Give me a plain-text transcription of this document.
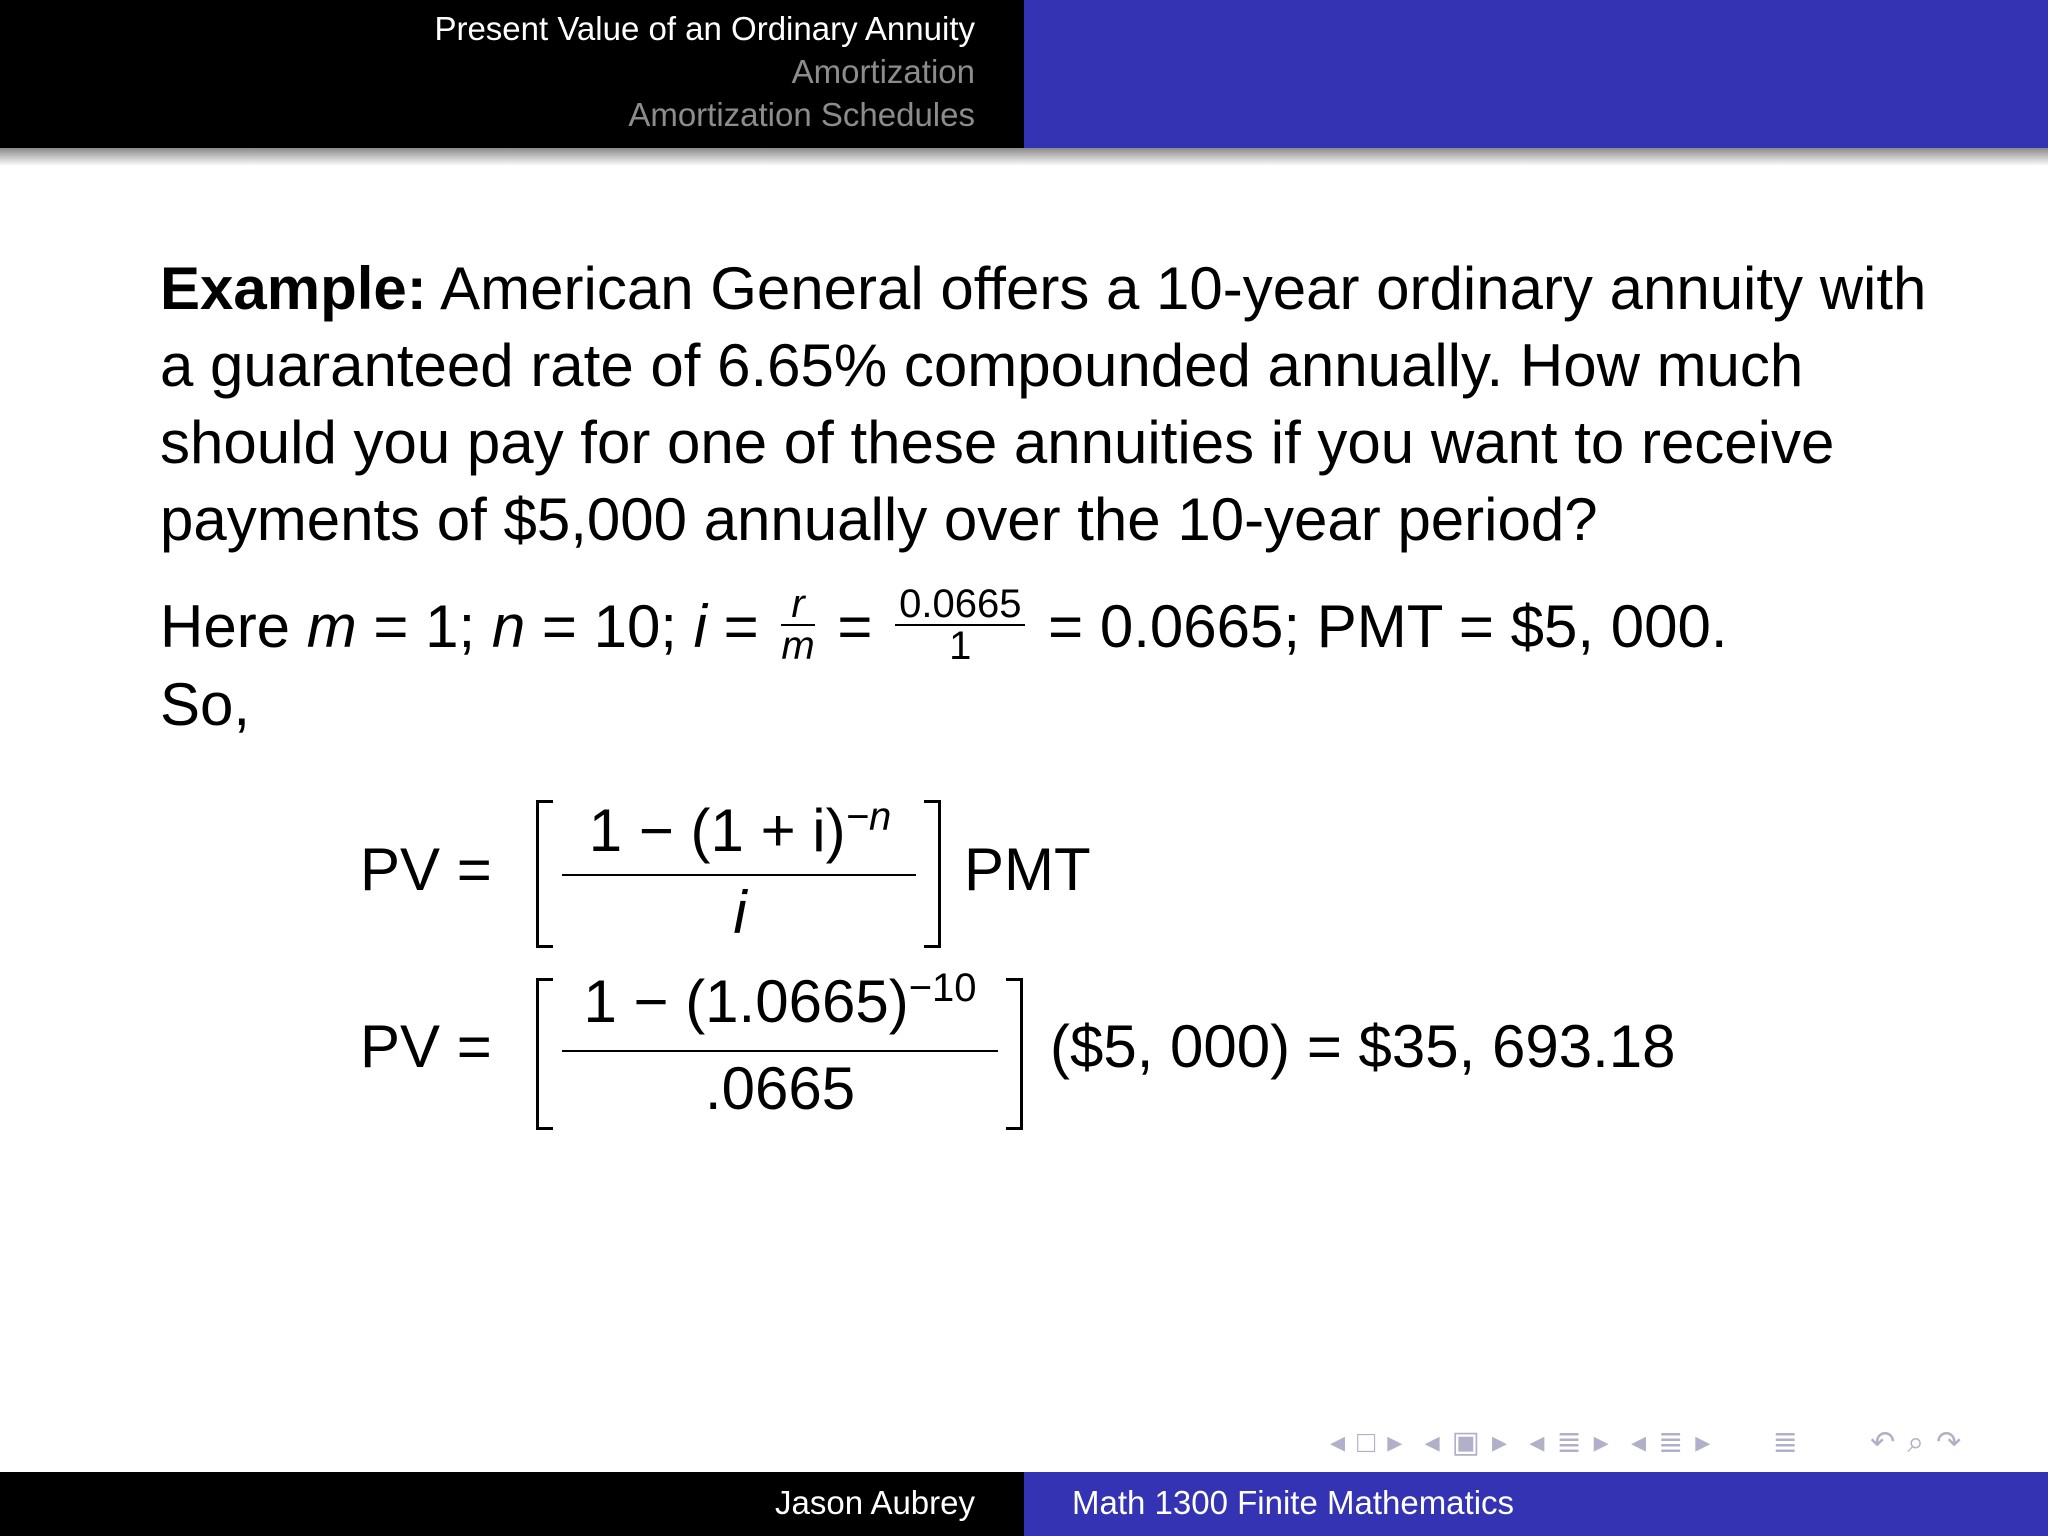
Present Value of an Ordinary Annuity
Amortization
Amortization Schedules
Example: American General offers a 10-year ordinary annuity with a guaranteed rate of 6.65% compounded annually. How much should you pay for one of these annuities if you want to receive payments of $5,000 annually over the 10-year period?
Here m = 1; n = 10; $i = \frac{r}{m} = \frac{0.0665}{1} = 0.0665$; PMT = $5, 000.
So,
PV =
$1 - (1 + i)^{-n}$
i
PMT
PV =
$1 - (1.0665)^{-10}$
.0665
($5, 000) = $35, 693.18
◂ □ ▸ ◂ ▣ ▸ ◂ ≣ ▸ ◂ ≣ ▸ ≣ ↶ ⌕ ↷
Jason Aubrey	Math 1300 Finite Mathematics
